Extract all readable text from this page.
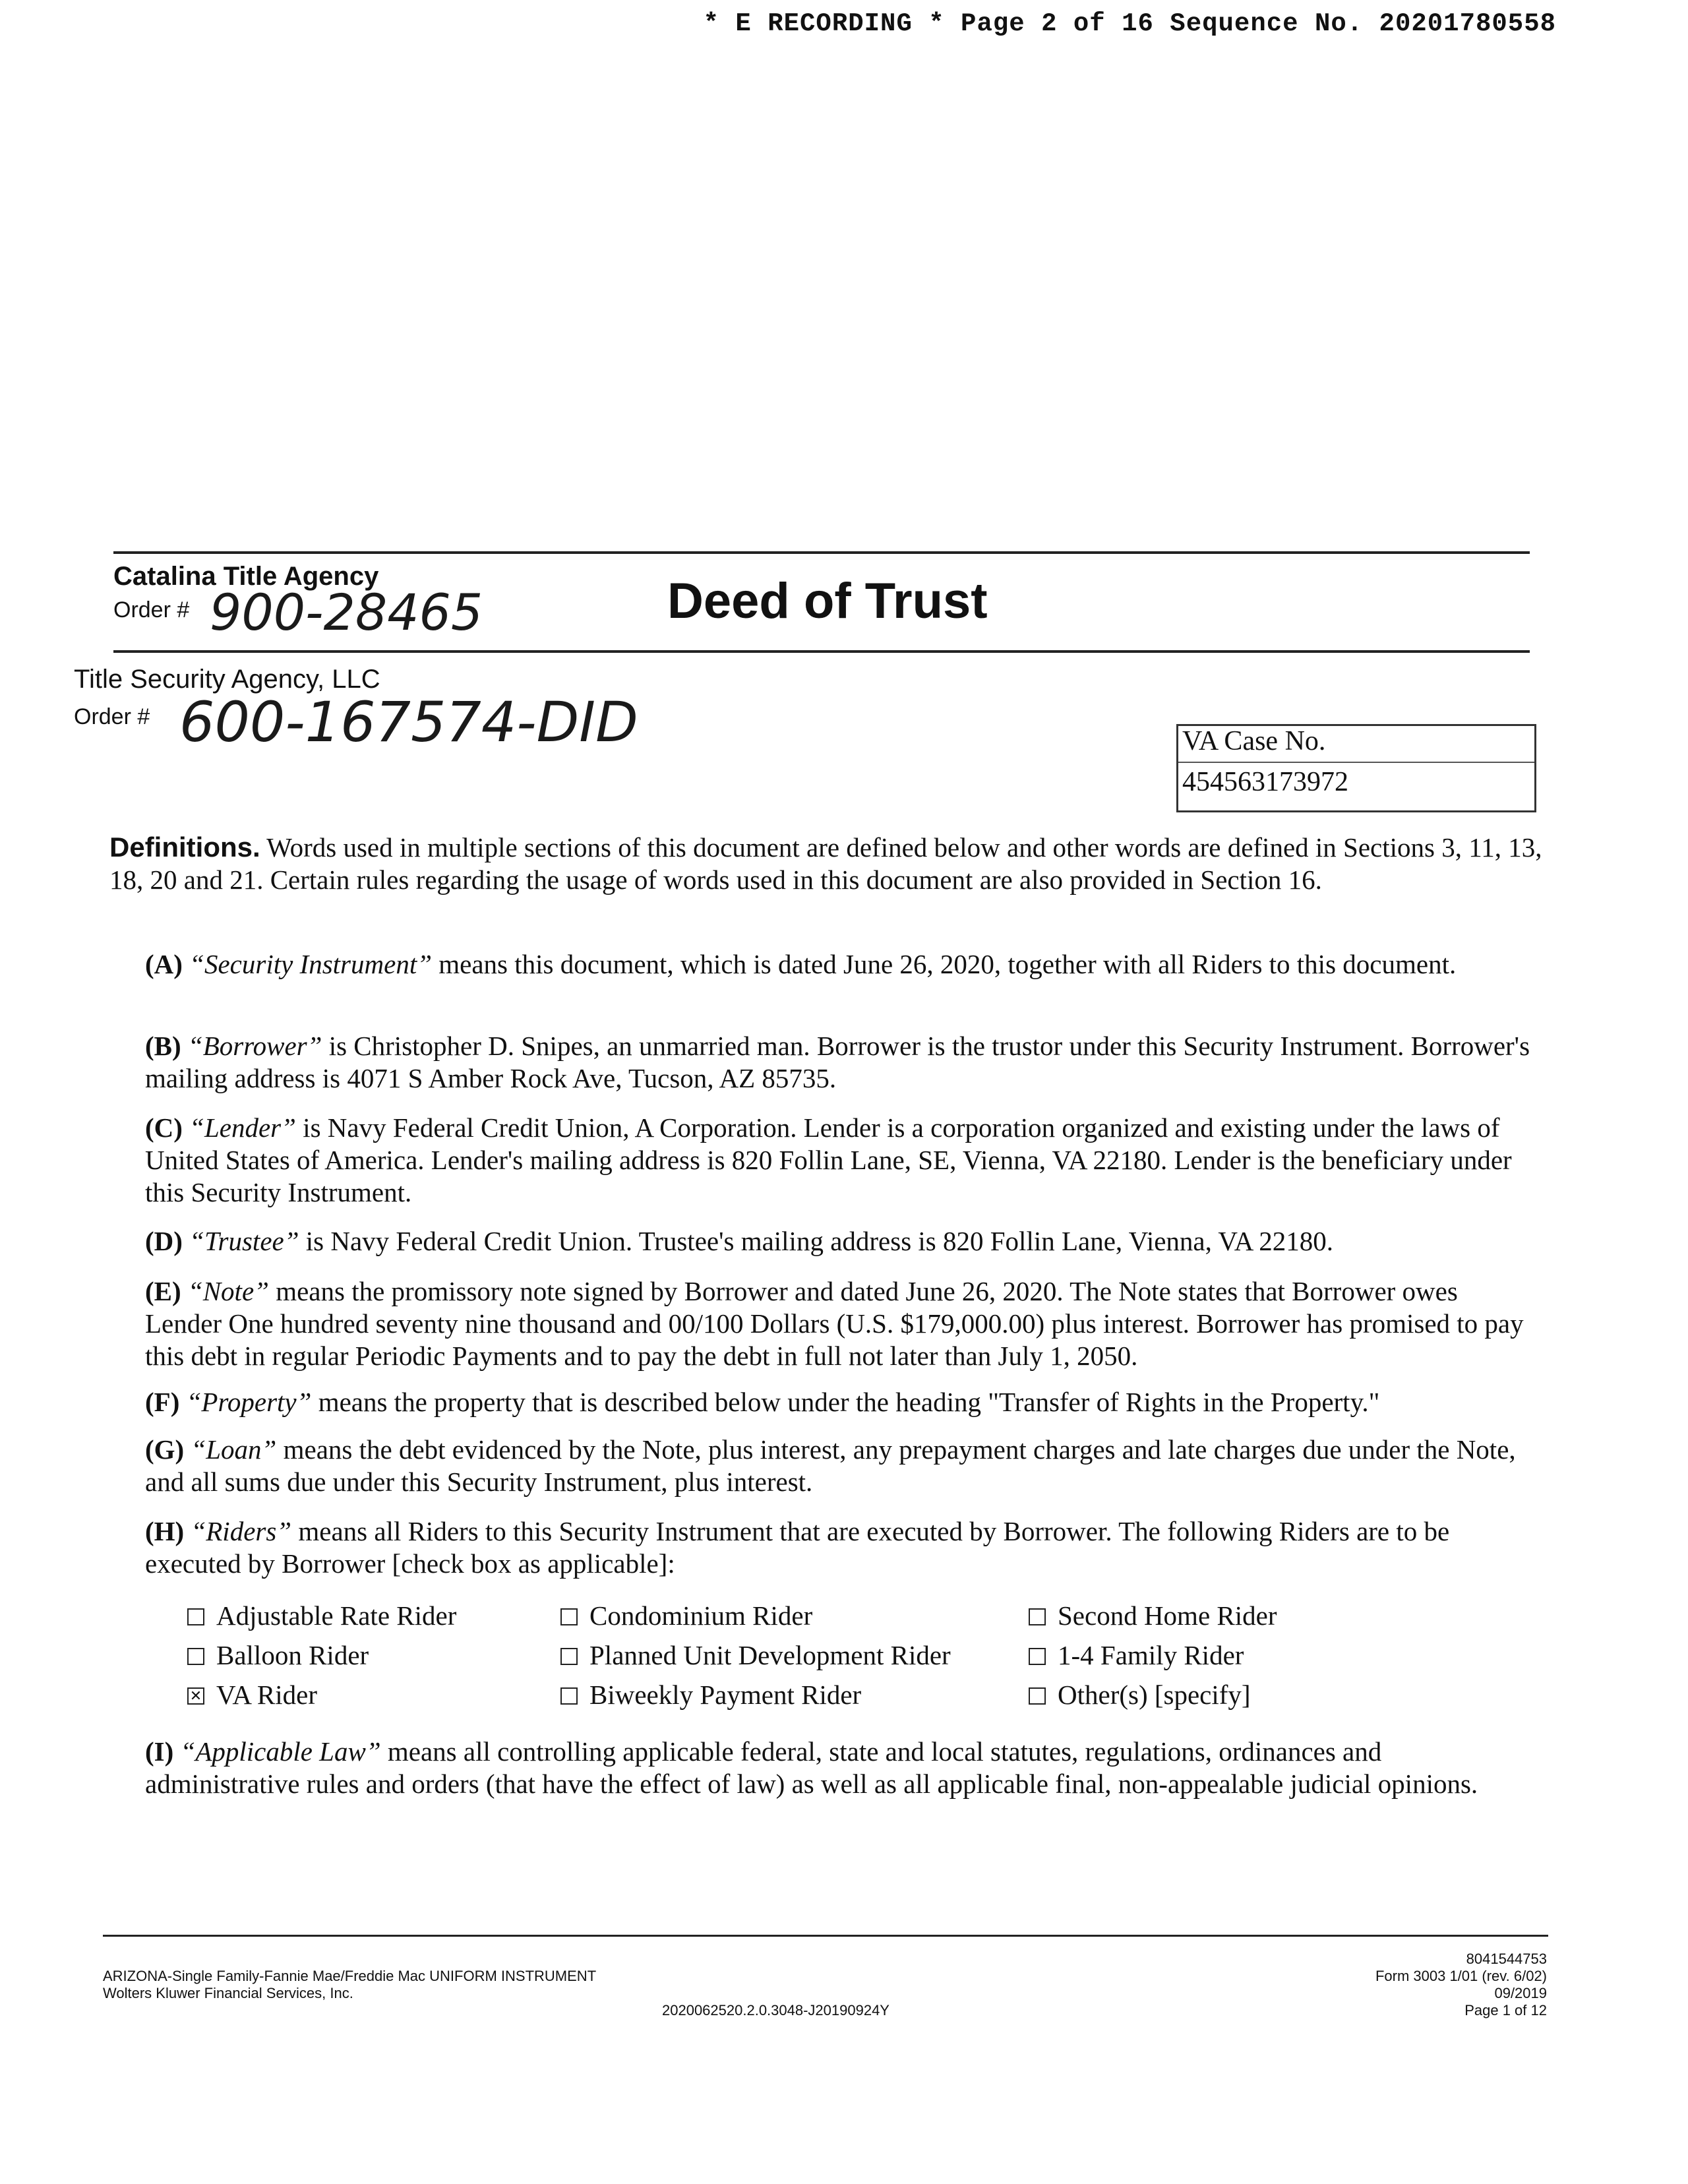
* E RECORDING * Page 2 of 16 Sequence No. 20201780558
Catalina Title Agency
Order # 900-28465	Deed of Trust
Title Security Agency, LLC
Order # 600-167574-DID	VA Case No.
454563173972
Definitions. Words used in multiple sections of this document are defined below and other words are defined in Sections 3, 11, 13, 18, 20 and 21. Certain rules regarding the usage of words used in this document are also provided in Section 16.
(A) “Security Instrument” means this document, which is dated June 26, 2020, together with all Riders to this document.
(B) “Borrower” is Christopher D. Snipes, an unmarried man. Borrower is the trustor under this Security Instrument. Borrower's mailing address is 4071 S Amber Rock Ave, Tucson, AZ 85735.
(C) “Lender” is Navy Federal Credit Union, A Corporation. Lender is a corporation organized and existing under the laws of United States of America. Lender's mailing address is 820 Follin Lane, SE, Vienna, VA 22180. Lender is the beneficiary under this Security Instrument.
(D) “Trustee” is Navy Federal Credit Union. Trustee's mailing address is 820 Follin Lane, Vienna, VA 22180.
(E) “Note” means the promissory note signed by Borrower and dated June 26, 2020. The Note states that Borrower owes Lender One hundred seventy nine thousand and 00/100 Dollars (U.S. $179,000.00) plus interest. Borrower has promised to pay this debt in regular Periodic Payments and to pay the debt in full not later than July 1, 2050.
(F) “Property” means the property that is described below under the heading "Transfer of Rights in the Property."
(G) “Loan” means the debt evidenced by the Note, plus interest, any prepayment charges and late charges due under the Note, and all sums due under this Security Instrument, plus interest.
(H) “Riders” means all Riders to this Security Instrument that are executed by Borrower. The following Riders are to be executed by Borrower [check box as applicable]:
Adjustable Rate Rider	Condominium Rider	Second Home Rider
Balloon Rider	Planned Unit Development Rider	1-4 Family Rider
✕ VA Rider	Biweekly Payment Rider	Other(s) [specify]
(I) “Applicable Law” means all controlling applicable federal, state and local statutes, regulations, ordinances and administrative rules and orders (that have the effect of law) as well as all applicable final, non-appealable judicial opinions.
ARIZONA-Single Family-Fannie Mae/Freddie Mac UNIFORM INSTRUMENT
Wolters Kluwer Financial Services, Inc.
2020062520.2.0.3048-J20190924Y
8041544753
Form 3003 1/01 (rev. 6/02)
09/2019
Page 1 of 12
